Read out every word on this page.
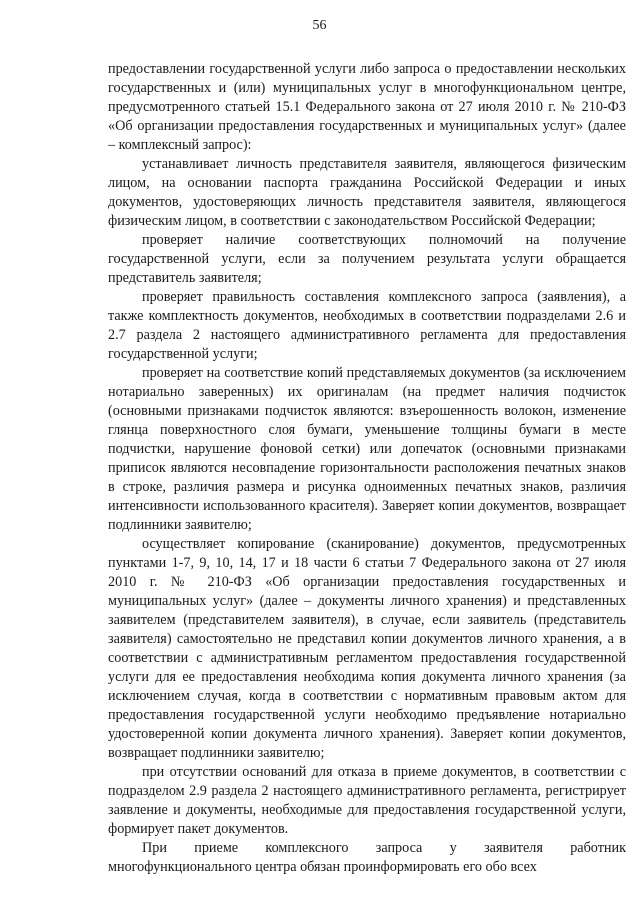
56

предоставлении государственной услуги либо запроса о предоставлении нескольких государственных и (или) муниципальных услуг в многофункциональном центре, предусмотренного статьей 15.1 Федерального закона от 27 июля 2010 г. № 210-ФЗ «Об организации предоставления государственных и муниципальных услуг» (далее – комплексный запрос):

устанавливает личность представителя заявителя, являющегося физическим лицом, на основании паспорта гражданина Российской Федерации и иных документов, удостоверяющих личность представителя заявителя, являющегося физическим лицом, в соответствии с законодательством Российской Федерации;

проверяет наличие соответствующих полномочий на получение государственной услуги, если за получением результата услуги обращается представитель заявителя;

проверяет правильность составления комплексного запроса (заявления), а также комплектность документов, необходимых в соответствии подразделами 2.6 и 2.7 раздела 2 настоящего административного регламента для предоставления государственной услуги;

проверяет на соответствие копий представляемых документов (за исключением нотариально заверенных) их оригиналам (на предмет наличия подчисток (основными признаками подчисток являются: взъерошенность волокон, изменение глянца поверхностного слоя бумаги, уменьшение толщины бумаги в месте подчистки, нарушение фоновой сетки) или допечаток (основными признаками приписок являются несовпадение горизонтальности расположения печатных знаков в строке, различия размера и рисунка одноименных печатных знаков, различия интенсивности использованного красителя). Заверяет копии документов, возвращает подлинники заявителю;

осуществляет копирование (сканирование) документов, предусмотренных пунктами 1-7, 9, 10, 14, 17 и 18 части 6 статьи 7 Федерального закона от 27 июля 2010 г. № 210-ФЗ «Об организации предоставления государственных и муниципальных услуг» (далее – документы личного хранения) и представленных заявителем (представителем заявителя), в случае, если заявитель (представитель заявителя) самостоятельно не представил копии документов личного хранения, а в соответствии с административным регламентом предоставления государственной услуги для ее предоставления необходима копия документа личного хранения (за исключением случая, когда в соответствии с нормативным правовым актом для предоставления государственной услуги необходимо предъявление нотариально удостоверенной копии документа личного хранения). Заверяет копии документов, возвращает подлинники заявителю;

при отсутствии оснований для отказа в приеме документов, в соответствии с подразделом 2.9 раздела 2 настоящего административного регламента, регистрирует заявление и документы, необходимые для предоставления государственной услуги, формирует пакет документов.

При приеме комплексного запроса у заявителя работник многофункционального центра обязан проинформировать его обо всех
